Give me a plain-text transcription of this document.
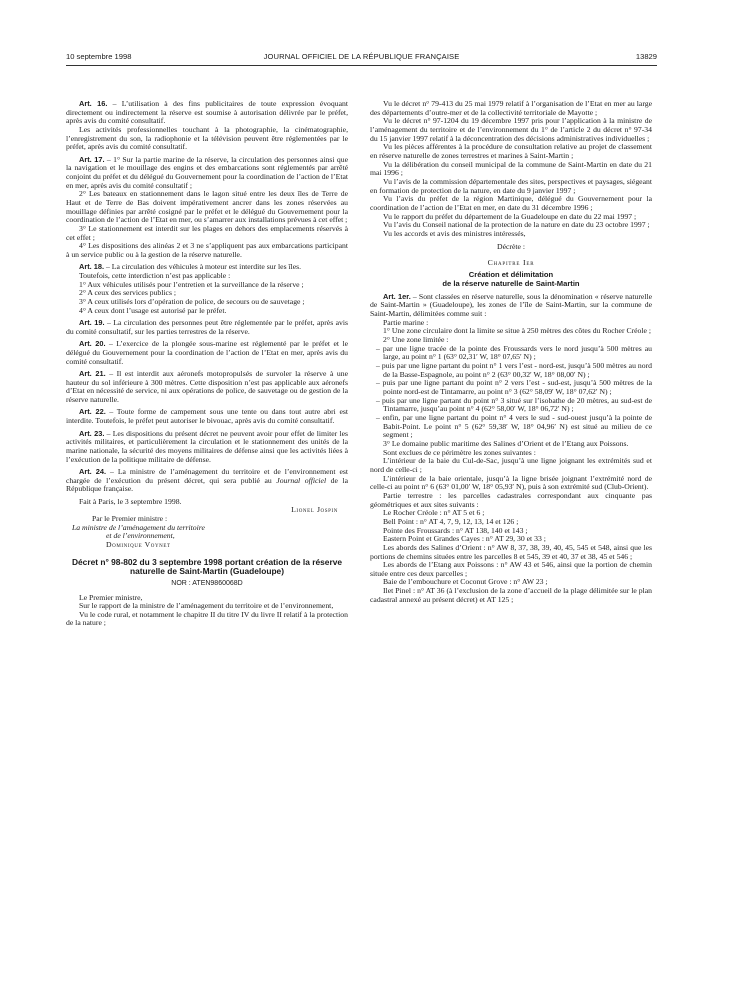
10 septembre 1998	JOURNAL OFFICIEL DE LA RÉPUBLIQUE FRANÇAISE	13829

Art. 16. – L’utilisation à des fins publicitaires de toute expression évoquant directement ou indirectement la réserve est soumise à autorisation délivrée par le préfet, après avis du comité consultatif.

Les activités professionnelles touchant à la photographie, la cinématographie, l’enregistrement du son, la radiophonie et la télévision peuvent être réglementées par le préfet, après avis du comité consultatif.

Art. 17. – 1° Sur la partie marine de la réserve, la circulation des personnes ainsi que la navigation et le mouillage des engins et des embarcations sont réglementés par arrêté conjoint du préfet et du délégué du Gouvernement pour la coordination de l’action de l’Etat en mer, après avis du comité consultatif ;

2° Les bateaux en stationnement dans le lagon situé entre les deux îles de Terre de Haut et de Terre de Bas doivent impérativement ancrer dans les zones réservées au mouillage définies par arrêté cosigné par le préfet et le délégué du Gouvernement pour la coordination de l’action de l’Etat en mer, ou s’amarrer aux installations prévues à cet effet ;

3° Le stationnement est interdit sur les plages en dehors des emplacements réservés à cet effet ;

4° Les dispositions des alinéas 2 et 3 ne s’appliquent pas aux embarcations participant à un service public ou à la gestion de la réserve naturelle.

Art. 18. – La circulation des véhicules à moteur est interdite sur les îles.

Toutefois, cette interdiction n’est pas applicable :

1° Aux véhicules utilisés pour l’entretien et la surveillance de la réserve ;

2° A ceux des services publics ;

3° A ceux utilisés lors d’opération de police, de secours ou de sauvetage ;

4° A ceux dont l’usage est autorisé par le préfet.

Art. 19. – La circulation des personnes peut être réglementée par le préfet, après avis du comité consultatif, sur les parties terrestres de la réserve.

Art. 20. – L’exercice de la plongée sous-marine est réglementé par le préfet et le délégué du Gouvernement pour la coordination de l’action de l’Etat en mer, après avis du comité consultatif.

Art. 21. – Il est interdit aux aéronefs motopropulsés de survoler la réserve à une hauteur du sol inférieure à 300 mètres. Cette disposition n’est pas applicable aux aéronefs d’Etat en nécessité de service, ni aux opérations de police, de sauvetage ou de gestion de la réserve naturelle.

Art. 22. – Toute forme de campement sous une tente ou dans tout autre abri est interdite. Toutefois, le préfet peut autoriser le bivouac, après avis du comité consultatif.

Art. 23. – Les dispositions du présent décret ne peuvent avoir pour effet de limiter les activités militaires, et particulièrement la circulation et le stationnement des unités de la marine nationale, la sécurité des moyens militaires de défense ainsi que les activités liées à l’exécution de la politique militaire de défense.

Art. 24. – La ministre de l’aménagement du territoire et de l’environnement est chargée de l’exécution du présent décret, qui sera publié au Journal officiel de la République française.

Fait à Paris, le 3 septembre 1998.

Lionel Jospin

Par le Premier ministre :

La ministre de l’aménagement du territoire

et de l’environnement,

Dominique Voynet

Décret n° 98-802 du 3 septembre 1998 portant création de la réserve naturelle de Saint-Martin (Guadeloupe)

NOR : ATEN9860068D

Le Premier ministre,

Sur le rapport de la ministre de l’aménagement du territoire et de l’environnement,

Vu le code rural, et notamment le chapitre II du titre IV du livre II relatif à la protection de la nature ;

Vu le décret n° 79-413 du 25 mai 1979 relatif à l’organisation de l’Etat en mer au large des départements d’outre-mer et de la collectivité territoriale de Mayotte ;

Vu le décret n° 97-1204 du 19 décembre 1997 pris pour l’application à la ministre de l’aménagement du territoire et de l’environnement du 1° de l’article 2 du décret n° 97-34 du 15 janvier 1997 relatif à la déconcentration des décisions administratives individuelles ;

Vu les pièces afférentes à la procédure de consultation relative au projet de classement en réserve naturelle de zones terrestres et marines à Saint-Martin ;

Vu la délibération du conseil municipal de la commune de Saint-Martin en date du 21 mai 1996 ;

Vu l’avis de la commission départementale des sites, perspectives et paysages, siégeant en formation de protection de la nature, en date du 9 janvier 1997 ;

Vu l’avis du préfet de la région Martinique, délégué du Gouvernement pour la coordination de l’action de l’Etat en mer, en date du 31 décembre 1996 ;

Vu le rapport du préfet du département de la Guadeloupe en date du 22 mai 1997 ;

Vu l’avis du Conseil national de la protection de la nature en date du 23 octobre 1997 ;

Vu les accords et avis des ministres intéressés,

Décrète :

Chapitre Ier

Création et délimitation
de la réserve naturelle de Saint-Martin

Art. 1er. – Sont classées en réserve naturelle, sous la dénomination « réserve naturelle de Saint-Martin » (Guadeloupe), les zones de l’île de Saint-Martin, sur la commune de Saint-Martin, délimitées comme suit :

Partie marine :

1° Une zone circulaire dont la limite se situe à 250 mètres des côtes du Rocher Créole ;

2° Une zone limitée :

– par une ligne tracée de la pointe des Froussards vers le nord jusqu’à 500 mètres au large, au point n° 1 (63° 02,31′ W, 18° 07,65′ N) ;

– puis par une ligne partant du point n° 1 vers l’est - nord-est, jusqu’à 500 mètres au nord de la Basse-Espagnole, au point n° 2 (63° 00,32′ W, 18° 08,00′ N) ;

– puis par une ligne partant du point n° 2 vers l’est - sud-est, jusqu’à 500 mètres de la pointe nord-est de Tintamarre, au point n° 3 (62° 58,09′ W, 18° 07,62′ N) ;

– puis par une ligne partant du point n° 3 situé sur l’isobathe de 20 mètres, au sud-est de Tintamarre, jusqu’au point n° 4 (62° 58,00′ W, 18° 06,72′ N) ;

– enfin, par une ligne partant du point n° 4 vers le sud - sud-ouest jusqu’à la pointe de Babit-Point. Le point n° 5 (62° 59,38′ W, 18° 04,96′ N) est situé au milieu de ce segment ;

3° Le domaine public maritime des Salines d’Orient et de l’Etang aux Poissons.

Sont exclues de ce périmètre les zones suivantes :

L’intérieur de la baie du Cul-de-Sac, jusqu’à une ligne joignant les extrémités sud et nord de celle-ci ;

L’intérieur de la baie orientale, jusqu’à la ligne brisée joignant l’extrémité nord de celle-ci au point n° 6 (63° 01,00′ W, 18° 05,93′ N), puis à son extrémité sud (Club-Orient).

Partie terrestre : les parcelles cadastrales correspondant aux cinquante pas géométriques et aux sites suivants :

Le Rocher Créole : n° AT 5 et 6 ;

Bell Point : n° AT 4, 7, 9, 12, 13, 14 et 126 ;

Pointe des Froussards : n° AT 138, 140 et 143 ;

Eastern Point et Grandes Cayes : n° AT 29, 30 et 33 ;

Les abords des Salines d’Orient : n° AW 8, 37, 38, 39, 40, 45, 545 et 548, ainsi que les portions de chemins situées entre les parcelles 8 et 545, 39 et 40, 37 et 38, 45 et 546 ;

Les abords de l’Etang aux Poissons : n° AW 43 et 546, ainsi que la portion de chemin située entre ces deux parcelles ;

Baie de l’embouchure et Coconut Grove : n° AW 23 ;

Ilet Pinel : n° AT 36 (à l’exclusion de la zone d’accueil de la plage délimitée sur le plan cadastral annexé au présent décret) et AT 125 ;
